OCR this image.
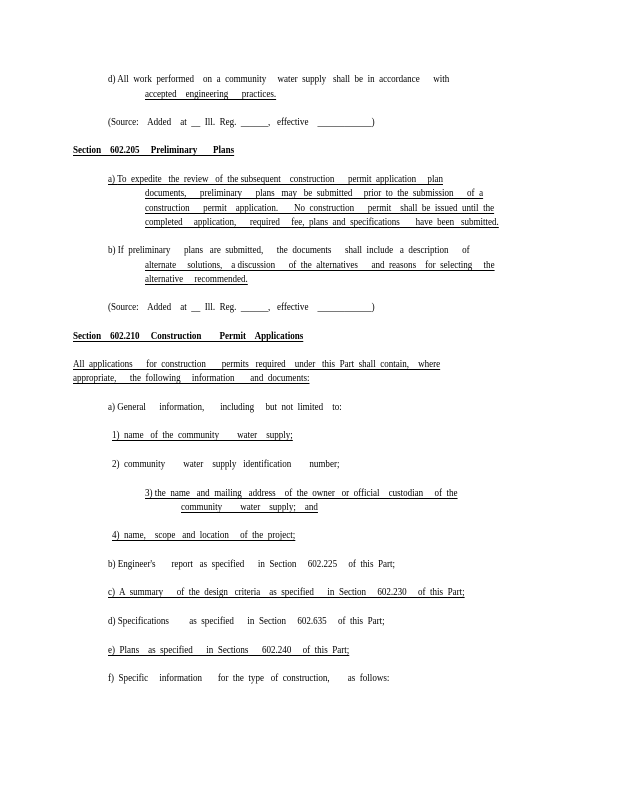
d) All  work  performed    on  a  community     water  supply   shall  be  in  accordance      with
accepted    engineering      practices.
(Source:    Added    at  __  Ill.  Reg.  ______,   effective    ____________)
Section    602.205     Preliminary       Plans
a) To  expedite   the  review   of  the subsequent    construction      permit  application     plan
documents,      preliminary      plans   may   be  submitted     prior  to  the  submission      of  a
construction      permit    application.       No  construction      permit    shall  be  issued  until  the
completed     application,      required     fee,  plans  and  specifications       have  been   submitted.
b) If  preliminary      plans   are  submitted,      the  documents      shall  include   a  description      of
alternate     solutions,    a discussion      of  the  alternatives      and  reasons    for  selecting     the
alternative     recommended.
(Source:    Added    at  __  Ill.  Reg.  ______,   effective    ____________)
Section    602.210     Construction        Permit    Applications
All  applications      for  construction       permits   required    under   this  Part  shall  contain,    where
appropriate,      the  following     information       and  documents:
a) General      information,       including     but  not  limited    to:
1)  name   of  the  community        water    supply;
2)  community        water    supply   identification        number;
3) the  name   and  mailing   address    of  the  owner   or  official    custodian     of  the
community        water    supply;    and
4)  name,    scope   and  location     of  the  project;
b) Engineer's       report   as  specified      in  Section     602.225     of  this  Part;
c)  A  summary      of  the  design   criteria    as  specified      in  Section     602.230     of  this  Part;
d) Specifications         as  specified      in  Section     602.635     of  this  Part;
e)  Plans    as  specified      in  Sections      602.240     of  this  Part;
f)  Specific     information       for  the  type   of  construction,        as  follows:
